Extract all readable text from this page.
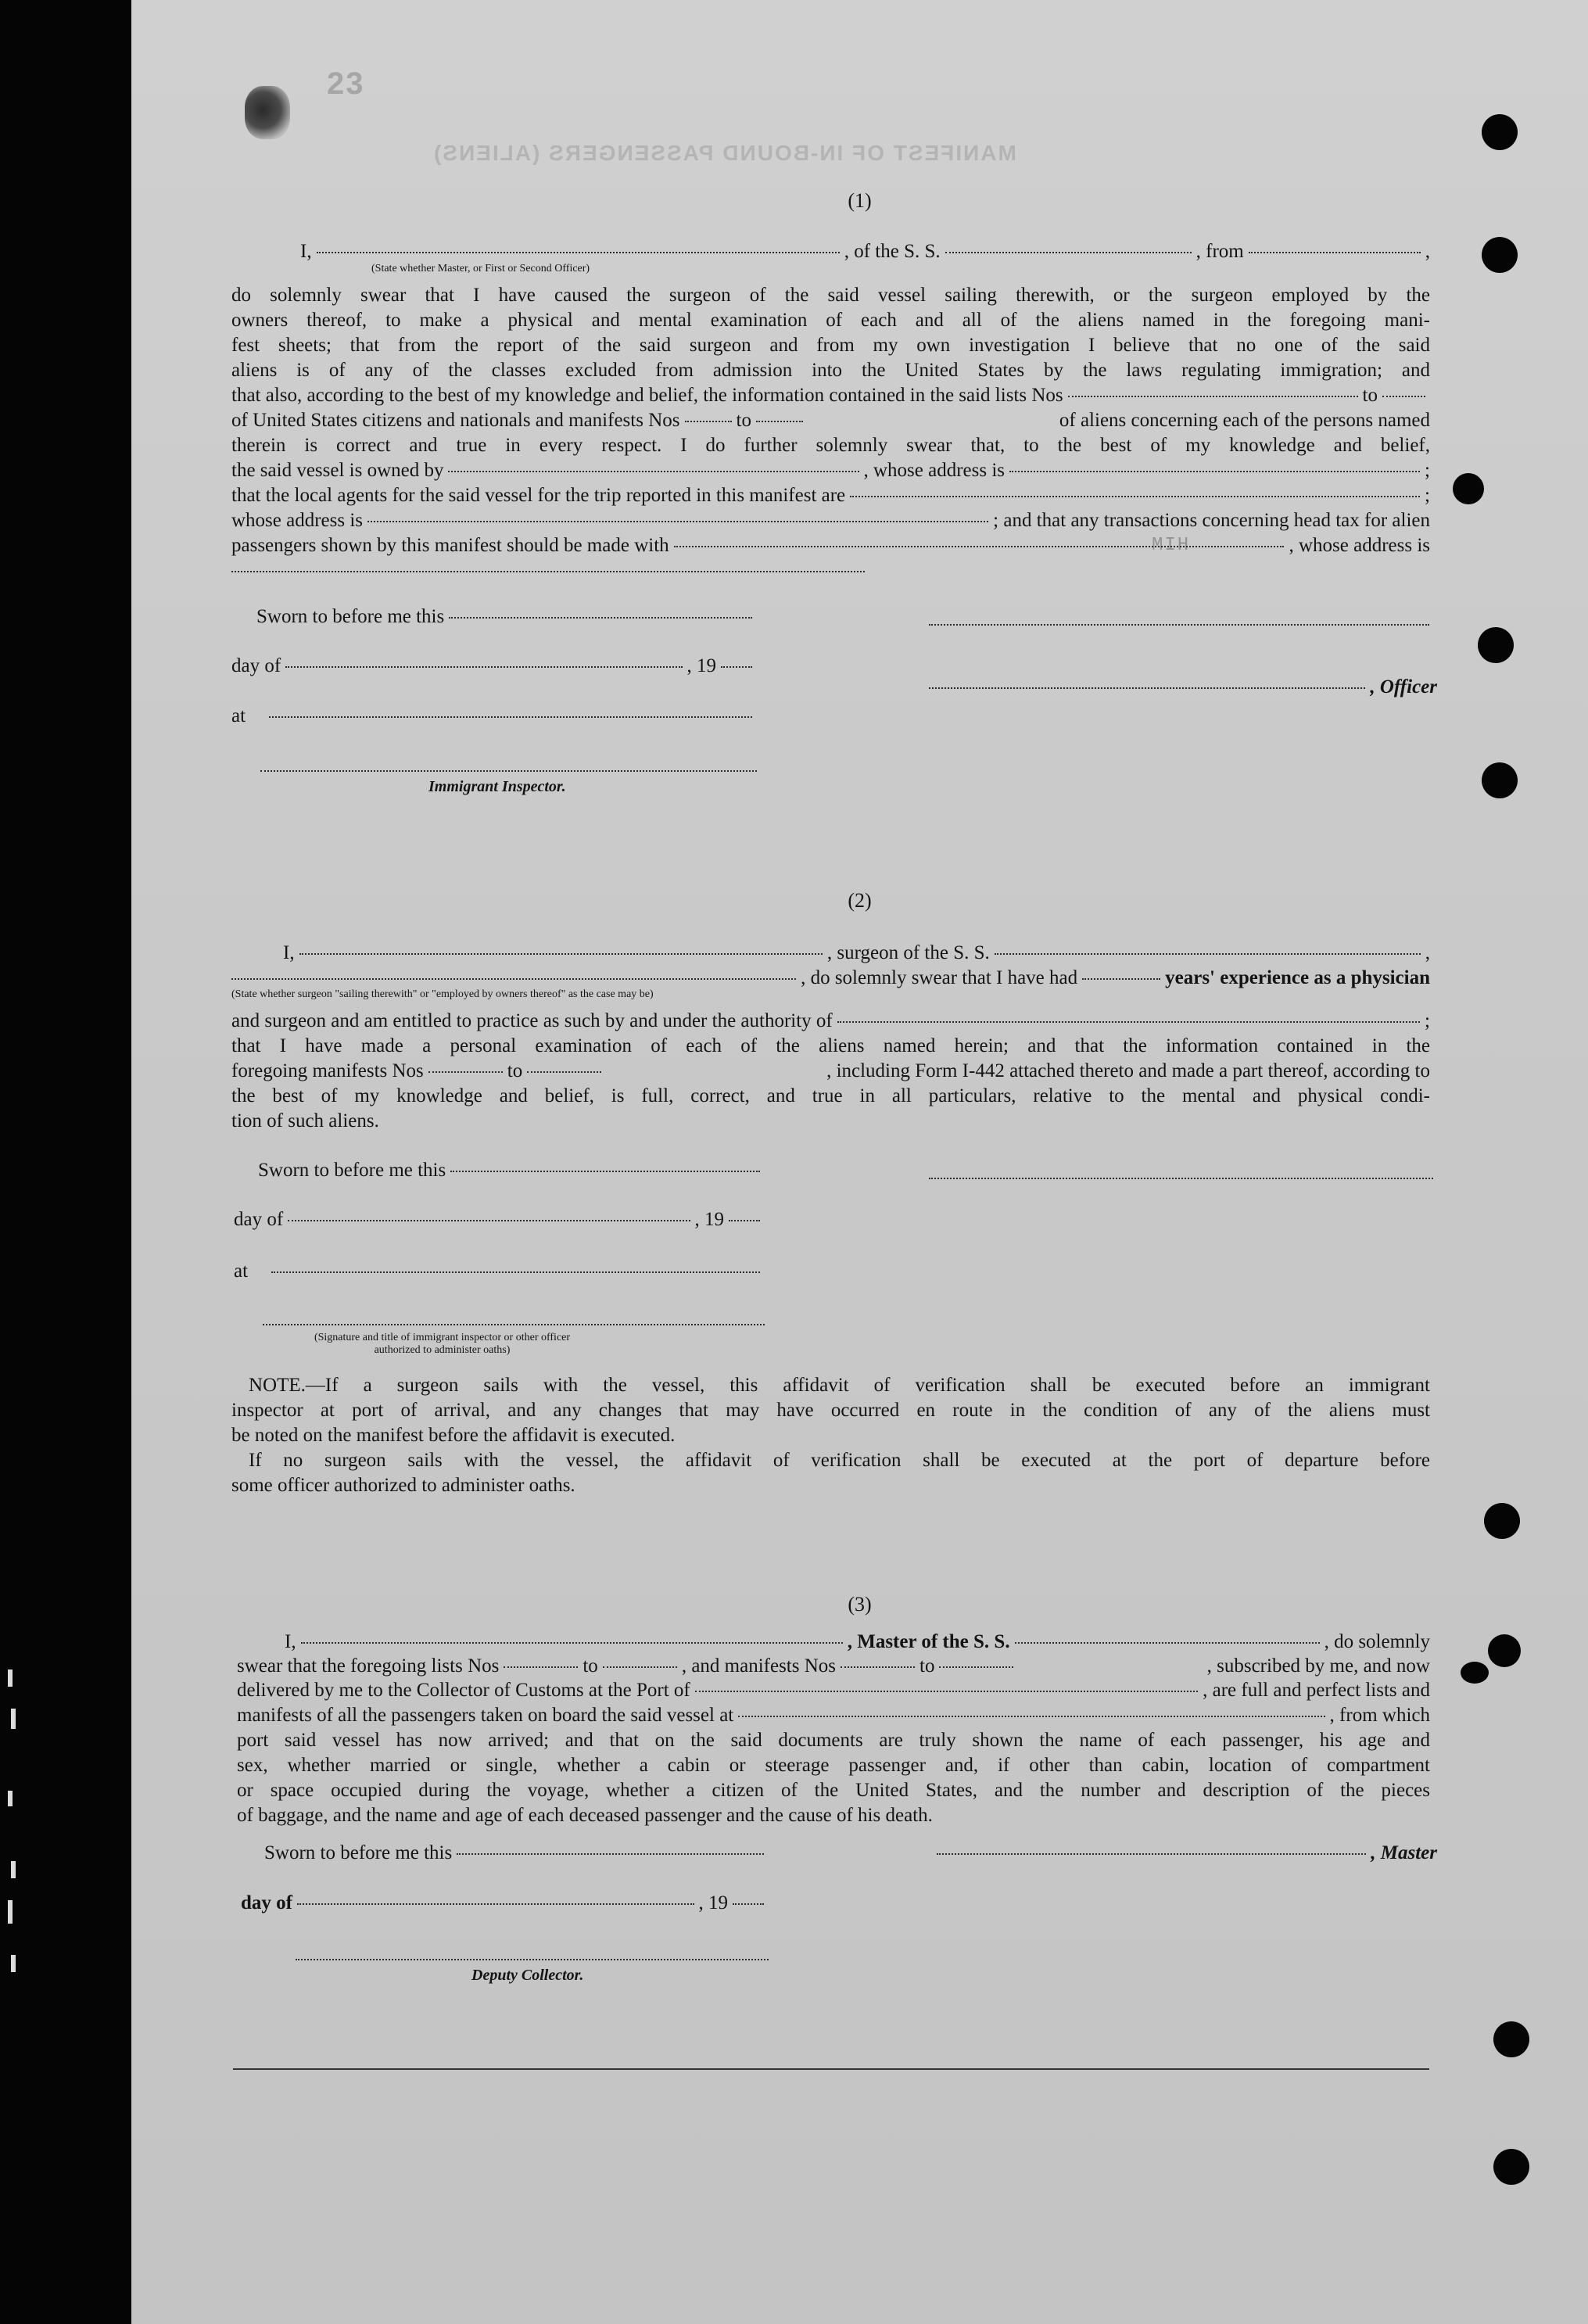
23
MANIFEST OF IN-BOUND PASSENGERS (ALIENS)
MIH
(1)
I,	, of the S. S.	, from	,
(State whether Master, or First or Second Officer)
do solemnly swear that I have caused the surgeon of the said vessel sailing therewith, or the surgeon employed by the
owners thereof, to make a physical and mental examination of each and all of the aliens named in the foregoing mani-
fest sheets; that from the report of the said surgeon and from my own investigation I believe that no one of the said
aliens is of any of the classes excluded from admission into the United States by the laws regulating immigration; and
that also, according to the best of my knowledge and belief, the information contained in the said lists Nos	to
of United States citizens and nationals and manifests Nos	to	of aliens concerning each of the persons named
therein is correct and true in every respect. I do further solemnly swear that, to the best of my knowledge and belief,
the said vessel is owned by	, whose address is	;
that the local agents for the said vessel for the trip reported in this manifest are	;
whose address is	; and that any transactions concerning head tax for alien
passengers shown by this manifest should be made with	, whose address is
Sworn to before me this
day of	, 19
, Officer
at
Immigrant Inspector.
(2)
I,	, surgeon of the S. S.	,
, do solemnly swear that I have had	years' experience as a physician
(State whether surgeon "sailing therewith" or "employed by owners thereof" as the case may be)
and surgeon and am entitled to practice as such by and under the authority of	;
that I have made a personal examination of each of the aliens named herein; and that the information contained in the
foregoing manifests Nos	to	, including Form I-442 attached thereto and made a part thereof, according to
the best of my knowledge and belief, is full, correct, and true in all particulars, relative to the mental and physical condi-
tion of such aliens.
Sworn to before me this
day of	, 19
at
(Signature and title of immigrant inspector or other officer authorized to administer oaths)
NOTE.—If a surgeon sails with the vessel, this affidavit of verification shall be executed before an immigrant
inspector at port of arrival, and any changes that may have occurred en route in the condition of any of the aliens must
be noted on the manifest before the affidavit is executed.
If no surgeon sails with the vessel, the affidavit of verification shall be executed at the port of departure before
some officer authorized to administer oaths.
(3)
I,	, Master of the S. S.	, do solemnly
swear that the foregoing lists Nos	to	, and manifests Nos	to	, subscribed by me, and now
delivered by me to the Collector of Customs at the Port of	, are full and perfect lists and
manifests of all the passengers taken on board the said vessel at	, from which
port said vessel has now arrived; and that on the said documents are truly shown the name of each passenger, his age and
sex, whether married or single, whether a cabin or steerage passenger and, if other than cabin, location of compartment
or space occupied during the voyage, whether a citizen of the United States, and the number and description of the pieces
of baggage, and the name and age of each deceased passenger and the cause of his death.
Sworn to before me this	, Master
day of	, 19
Deputy Collector.
